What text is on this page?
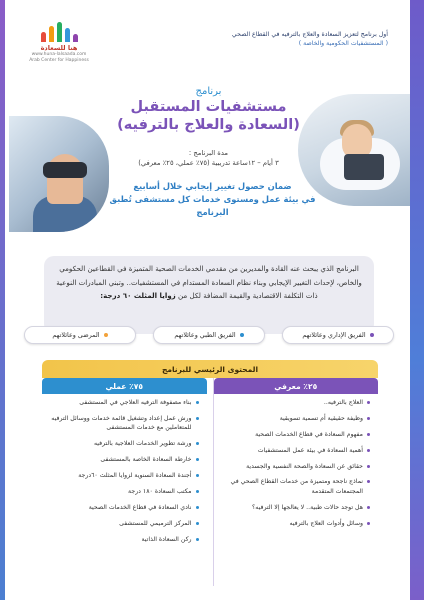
هنا للسعادة
www.huna-lalsaada.com
Arab Center for Happiness
أول برنامج لتعزيز السعادة والعلاج بالترفيه في القطاع الصحي
( المستشفيات الحكومية والخاصة )
برنامج
مستشفيات المستقبل
(السعادة والعلاج بالترفيه)
مدة البرنامج :
٣ أيام – ١٢ساعة تدريبية (٧٥٪ عملي، ٢٥٪ معرفي)
ضمان حصول تغيير إيجابي خلال أسابيع
في بيئة عمل ومستوى خدمات كل مستشفى تُطبق البرنامج
البرنامج الذي يبحث عنه القادة والمديرين من مقدمي الخدمات الصحية المتميزة في القطاعين الحكومي والخاص، لإحداث التغيير الإيجابي وبناء نظام السعادة المستدام في المستشفيات.. وتبني المبادرات النوعية ذات التكلفة الاقتصادية والقيمة المضافة لكل من زوايا المثلث ٦٠ درجة:
الفريق الإداري وعائلاتهم
الفريق الطبي وعائلاتهم
المرضى وعائلاتهم
المحتوى الرئيسي للبرنامج
٢٥٪ معرفي
العلاج بالترفيه..
وظيفة حقيقية أم تسمية تسويقية
مفهوم السعادة في قطاع الخدمات الصحية
أهمية السعادة في بيئة عمل المستشفيات
حقائق عن السعادة والصحة النفسية والجسدية
نماذج ناجحة ومتميزة من خدمات القطاع الصحي في المجتمعات المتقدمة
هل توجد حالات طبية.. لا يعالجها إلا الترفيه؟
وسائل وأدوات العلاج بالترفيه
٧٥٪ عملي
بناء مصفوفة الترفيه العلاجي في المستشفى
ورش عمل إعداد وتشغيل قائمة خدمات ووسائل الترفيه للمتعاملين مع خدمات المستشفى
ورشة تطوير الخدمات العلاجية بالترفيه
خارطة السعادة الخاصة بالمستشفى
أجندة السعادة السنوية لزوايا المثلث ٦٠درجة
مكتب السعادة ١٨٠ درجة
نادي السعادة في قطاع الخدمات الصحية
المركز الترميمي للمستشفى
ركن السعادة الذاتية
